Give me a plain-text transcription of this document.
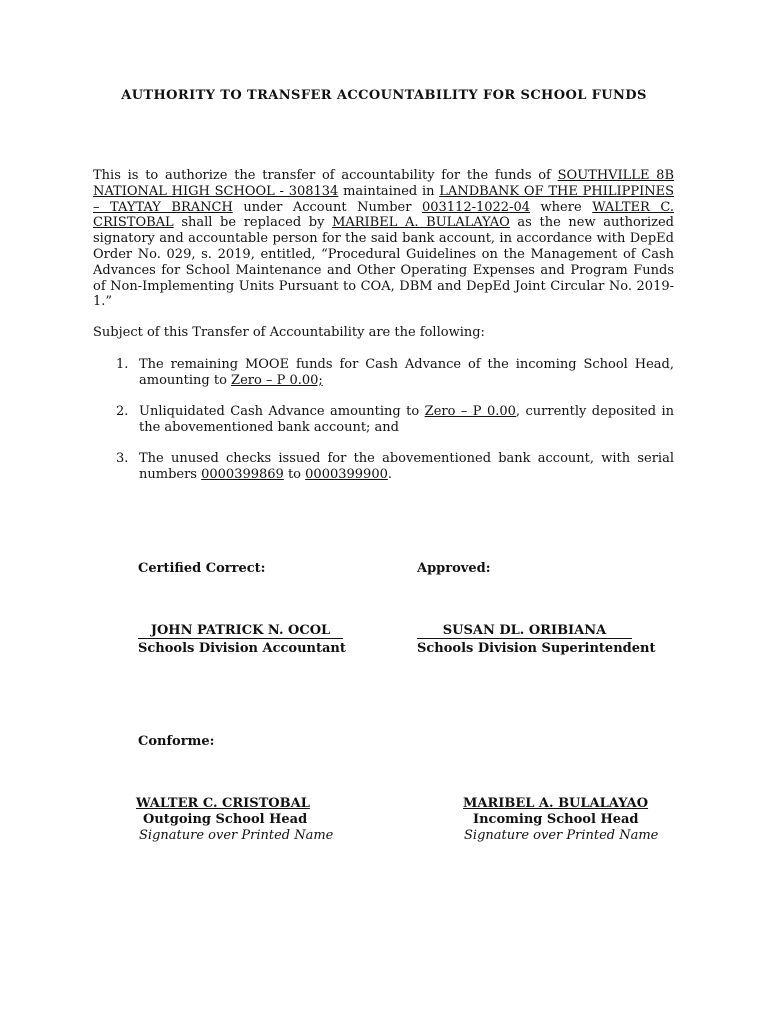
AUTHORITY TO TRANSFER ACCOUNTABILITY FOR SCHOOL FUNDS
This is to authorize the transfer of accountability for the funds of SOUTHVILLE 8B NATIONAL HIGH SCHOOL - 308134 maintained in LANDBANK OF THE PHILIPPINES – TAYTAY BRANCH under Account Number 003112-1022-04 where WALTER C. CRISTOBAL shall be replaced by MARIBEL A. BULALAYAO as the new authorized signatory and accountable person for the said bank account, in accordance with DepEd Order No. 029, s. 2019, entitled, “Procedural Guidelines on the Management of Cash Advances for School Maintenance and Other Operating Expenses and Program Funds of Non-Implementing Units Pursuant to COA, DBM and DepEd Joint Circular No. 2019-1.”
Subject of this Transfer of Accountability are the following:
1. The remaining MOOE funds for Cash Advance of the incoming School Head, amounting to Zero – P 0.00;
2. Unliquidated Cash Advance amounting to Zero – P 0.00, currently deposited in the abovementioned bank account; and
3. The unused checks issued for the abovementioned bank account, with serial numbers 0000399869 to 0000399900.
Certified Correct:	Approved:
JOHN PATRICK N. OCOL
Schools Division Accountant
SUSAN DL. ORIBIANA
Schools Division Superintendent
Conforme:
WALTER C. CRISTOBAL
Outgoing School Head
Signature over Printed Name
MARIBEL A. BULALAYAO
Incoming School Head
Signature over Printed Name
